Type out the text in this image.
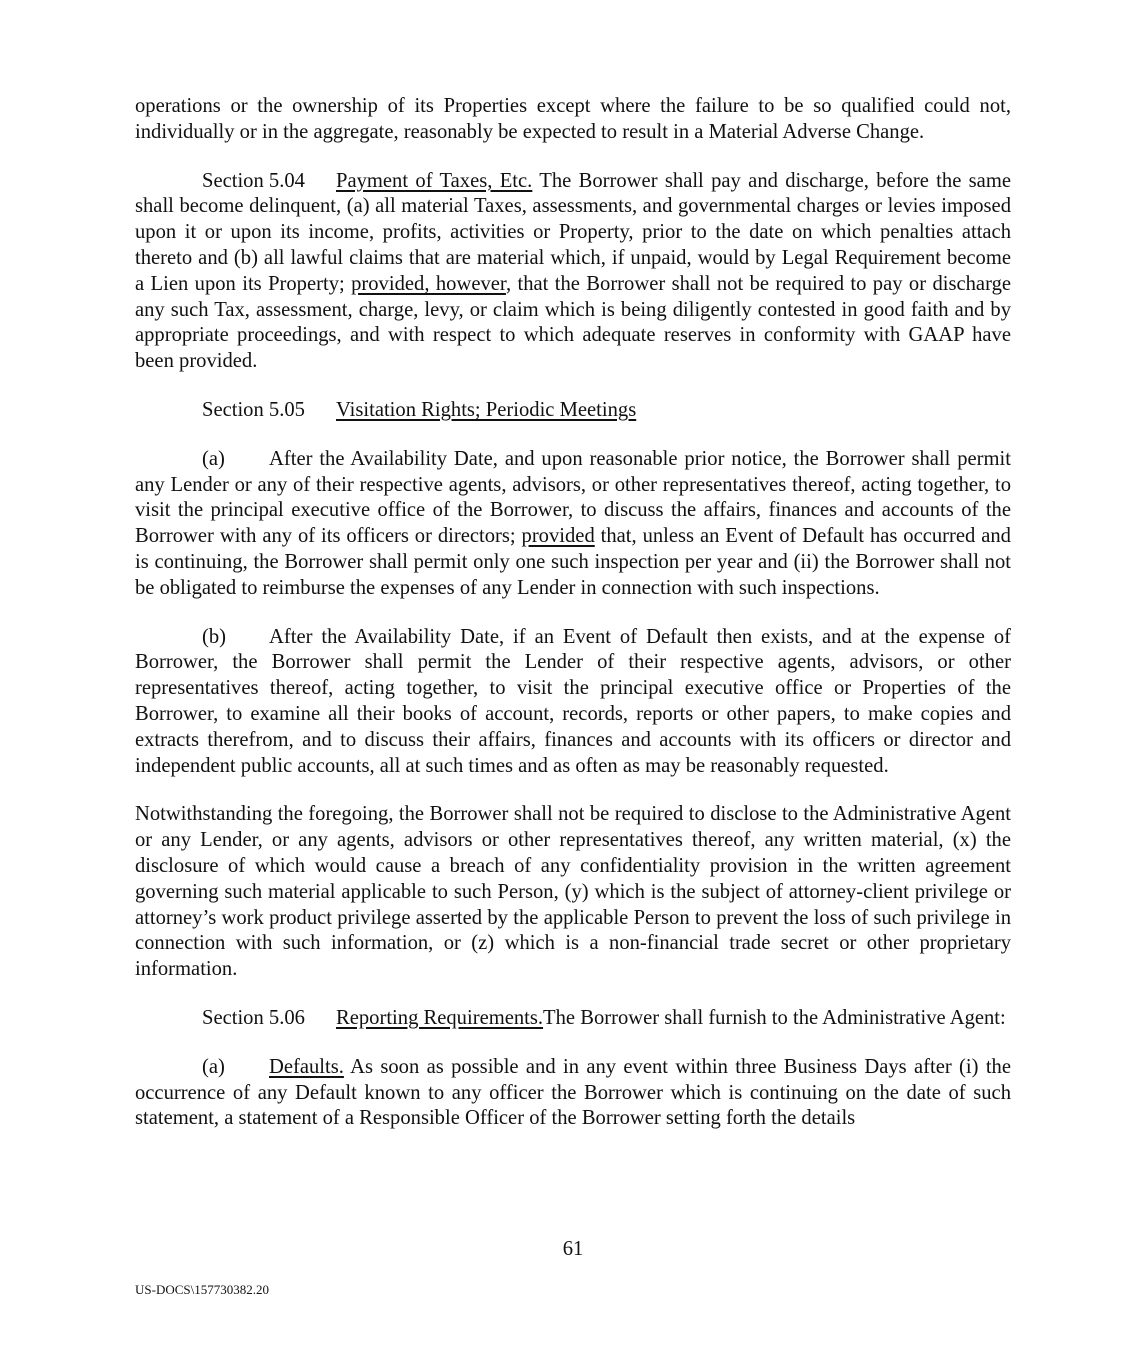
operations or the ownership of its Properties except where the failure to be so qualified could not, individually or in the aggregate, reasonably be expected to result in a Material Adverse Change.

Section 5.04 Payment of Taxes, Etc. The Borrower shall pay and discharge, before the same shall become delinquent, (a) all material Taxes, assessments, and governmental charges or levies imposed upon it or upon its income, profits, activities or Property, prior to the date on which penalties attach thereto and (b) all lawful claims that are material which, if unpaid, would by Legal Requirement become a Lien upon its Property; provided, however, that the Borrower shall not be required to pay or discharge any such Tax, assessment, charge, levy, or claim which is being diligently contested in good faith and by appropriate proceedings, and with respect to which adequate reserves in conformity with GAAP have been provided.

Section 5.05 Visitation Rights; Periodic Meetings

(a) After the Availability Date, and upon reasonable prior notice, the Borrower shall permit any Lender or any of their respective agents, advisors, or other representatives thereof, acting together, to visit the principal executive office of the Borrower, to discuss the affairs, finances and accounts of the Borrower with any of its officers or directors; provided that, unless an Event of Default has occurred and is continuing, the Borrower shall permit only one such inspection per year and (ii) the Borrower shall not be obligated to reimburse the expenses of any Lender in connection with such inspections.

(b) After the Availability Date, if an Event of Default then exists, and at the expense of Borrower, the Borrower shall permit the Lender of their respective agents, advisors, or other representatives thereof, acting together, to visit the principal executive office or Properties of the Borrower, to examine all their books of account, records, reports or other papers, to make copies and extracts therefrom, and to discuss their affairs, finances and accounts with its officers or director and independent public accounts, all at such times and as often as may be reasonably requested.

Notwithstanding the foregoing, the Borrower shall not be required to disclose to the Administrative Agent or any Lender, or any agents, advisors or other representatives thereof, any written material, (x) the disclosure of which would cause a breach of any confidentiality provision in the written agreement governing such material applicable to such Person, (y) which is the subject of attorney-client privilege or attorney’s work product privilege asserted by the applicable Person to prevent the loss of such privilege in connection with such information, or (z) which is a non-financial trade secret or other proprietary information.

Section 5.06 Reporting Requirements.The Borrower shall furnish to the Administrative Agent:

(a) Defaults. As soon as possible and in any event within three Business Days after (i) the occurrence of any Default known to any officer the Borrower which is continuing on the date of such statement, a statement of a Responsible Officer of the Borrower setting forth the details

61
US-DOCS\157730382.20
